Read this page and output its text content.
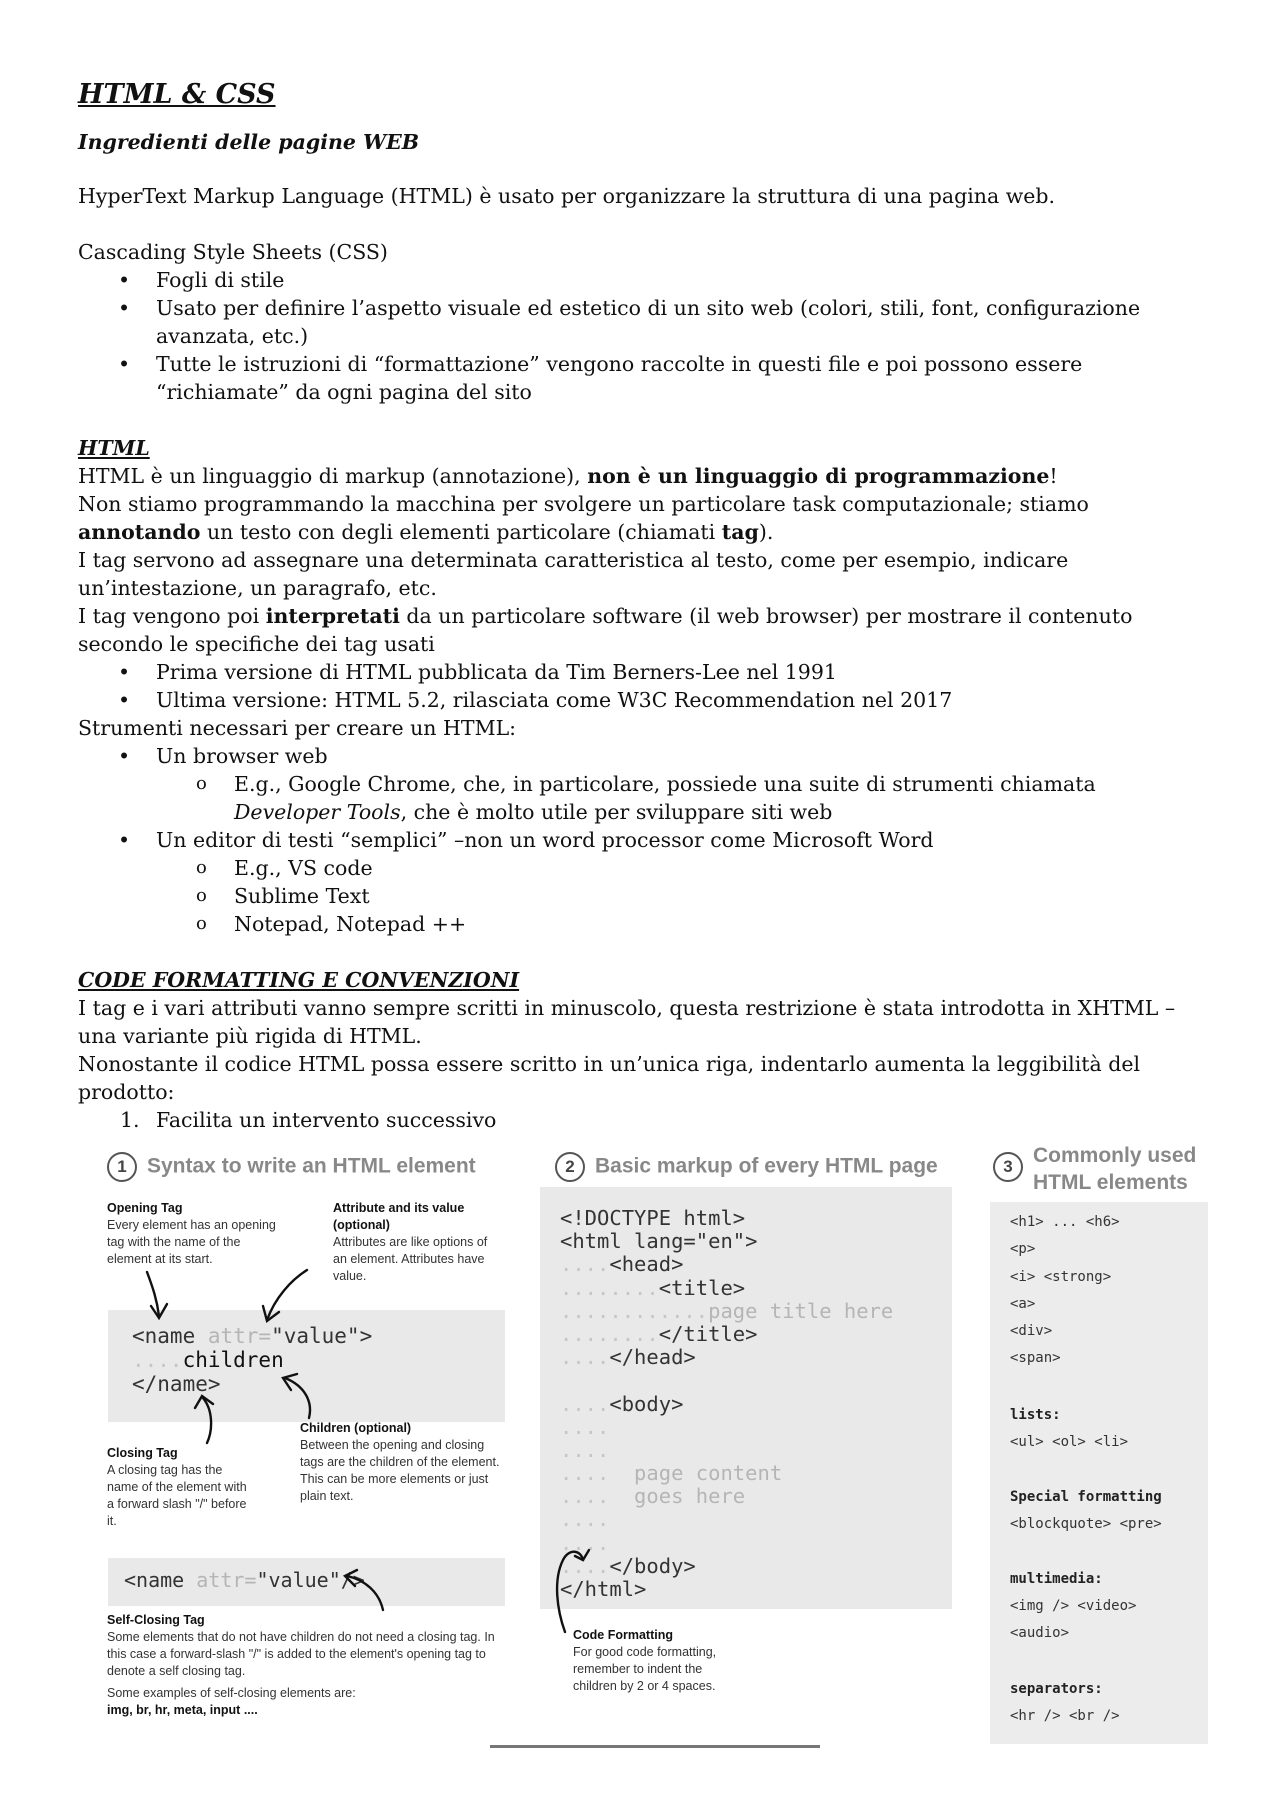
HTML & CSS
Ingredienti delle pagine WEB

HyperText Markup Language (HTML) è usato per organizzare la struttura di una pagina web.

Cascading Style Sheets (CSS)

• Fogli di stile
• Usato per definire l’aspetto visuale ed estetico di un sito web (colori, stili, font, configurazione avanzata, etc.)
• Tutte le istruzioni di “formattazione” vengono raccolte in questi file e poi possono essere “richiamate” da ogni pagina del sito

HTML

HTML è un linguaggio di markup (annotazione), non è un linguaggio di programmazione!

Non stiamo programmando la macchina per svolgere un particolare task computazionale; stiamo annotando un testo con degli elementi particolare (chiamati tag).

I tag servono ad assegnare una determinata caratteristica al testo, come per esempio, indicare un’intestazione, un paragrafo, etc.

I tag vengono poi interpretati da un particolare software (il web browser) per mostrare il contenuto secondo le specifiche dei tag usati

• Prima versione di HTML pubblicata da Tim Berners-Lee nel 1991
• Ultima versione: HTML 5.2, rilasciata come W3C Recommendation nel 2017

Strumenti necessari per creare un HTML:

• Un browser web
o E.g., Google Chrome, che, in particolare, possiede una suite di strumenti chiamata Developer Tools, che è molto utile per sviluppare siti web
• Un editor di testi “semplici” –non un word processor come Microsoft Word
o E.g., VS code
o Sublime Text
o Notepad, Notepad ++

CODE FORMATTING E CONVENZIONI

I tag e i vari attributi vanno sempre scritti in minuscolo, questa restrizione è stata introdotta in XHTML – una variante più rigida di HTML.

Nonostante il codice HTML possa essere scritto in un’unica riga, indentarlo aumenta la leggibilità del prodotto:

1. Facilita un intervento successivo
1 Syntax to write an HTML element
Opening Tag
Every element has an opening tag with the name of the element at its start.
Attribute and its value (optional)
Attributes are like options of an element. Attributes have value.
<name attr="value">
....children
</name>
Closing Tag
A closing tag has the name of the element with a forward slash "/" before it.
Children (optional)
Between the opening and closing tags are the children of the element. This can be more elements or just plain text.
<name attr="value"/>
Self-Closing Tag
Some elements that do not have children do not need a closing tag. In this case a forward-slash "/" is added to the element's opening tag to denote a self closing tag.
Some examples of self-closing elements are:
img, br, hr, meta, input ....
2 Basic markup of every HTML page
<!DOCTYPE html>
<html lang="en">
....<head>
........<title>
............page title here
........</title>
....</head>
....<body>
....
....
....  page content
....  goes here
....
....
....</body>
</html>
Code Formatting
For good code formatting, remember to indent the children by 2 or 4 spaces.
3 Commonly used
HTML elements
<h1> ... <h6>
<p>
<i> <strong>
<a>
<div>
<span>
lists:
<ul> <ol> <li>
Special formatting
<blockquote> <pre>
multimedia:
<img /> <video>
<audio>
separators:
<hr /> <br />
